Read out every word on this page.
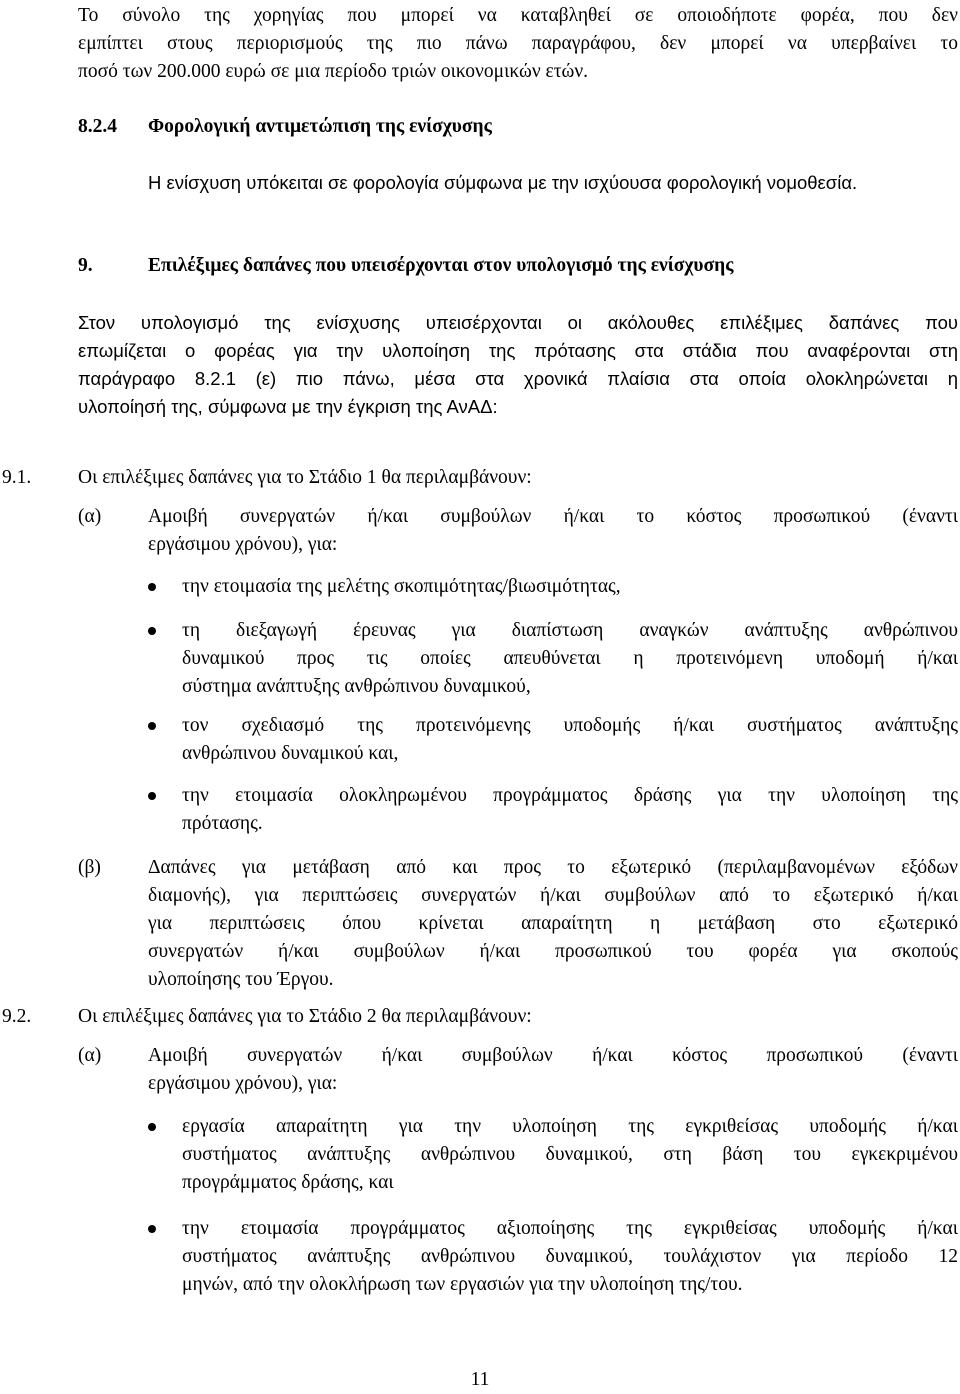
Το σύνολο της χορηγίας που μπορεί να καταβληθεί σε οποιοδήποτε φορέα, που δεν
εμπίπτει στους περιορισμούς της πιο πάνω παραγράφου, δεν μπορεί να υπερβαίνει το
ποσό των 200.000 ευρώ σε μια περίοδο τριών οικονομικών ετών.
8.2.4 Φορολογική αντιμετώπιση της ενίσχυσης
Η ενίσχυση υπόκειται σε φορολογία σύμφωνα με την ισχύουσα φορολογική νομοθεσία.
9.	Επιλέξιμες δαπάνες που υπεισέρχονται στον υπολογισμό της ενίσχυσης
Στον υπολογισμό της ενίσχυσης υπεισέρχονται οι ακόλουθες επιλέξιμες δαπάνες που
επωμίζεται ο φορέας για την υλοποίηση της πρότασης στα στάδια που αναφέρονται στη
παράγραφο 8.2.1 (ε) πιο πάνω, μέσα στα χρονικά πλαίσια στα οποία ολοκληρώνεται η
υλοποίησή της, σύμφωνα με την έγκριση της ΑνΑΔ:
9.1. Οι επιλέξιμες δαπάνες για το Στάδιο 1 θα περιλαμβάνουν:
(α) Αμοιβή συνεργατών ή/και συμβούλων ή/και το κόστος προσωπικού (έναντι
εργάσιμου χρόνου), για:
την ετοιμασία της μελέτης σκοπιμότητας/βιωσιμότητας,
τη διεξαγωγή έρευνας για διαπίστωση αναγκών ανάπτυξης ανθρώπινου
δυναμικού προς τις οποίες απευθύνεται η προτεινόμενη υποδομή ή/και
σύστημα ανάπτυξης ανθρώπινου δυναμικού,
τον σχεδιασμό της προτεινόμενης υποδομής ή/και συστήματος ανάπτυξης
ανθρώπινου δυναμικού και,
την ετοιμασία ολοκληρωμένου προγράμματος δράσης για την υλοποίηση της
πρότασης.
(β) Δαπάνες για μετάβαση από και προς το εξωτερικό (περιλαμβανομένων εξόδων
διαμονής), για περιπτώσεις συνεργατών ή/και συμβούλων από το εξωτερικό ή/και
για περιπτώσεις όπου κρίνεται απαραίτητη η μετάβαση στο εξωτερικό
συνεργατών ή/και συμβούλων ή/και προσωπικού του φορέα για σκοπούς
υλοποίησης του Έργου.
9.2. Οι επιλέξιμες δαπάνες για το Στάδιο 2 θα περιλαμβάνουν:
(α) Αμοιβή συνεργατών ή/και συμβούλων ή/και κόστος προσωπικού (έναντι
εργάσιμου χρόνου), για:
εργασία απαραίτητη για την υλοποίηση της εγκριθείσας υποδομής ή/και
συστήματος ανάπτυξης ανθρώπινου δυναμικού, στη βάση του εγκεκριμένου
προγράμματος δράσης, και
την ετοιμασία προγράμματος αξιοποίησης της εγκριθείσας υποδομής ή/και
συστήματος ανάπτυξης ανθρώπινου δυναμικού, τουλάχιστον για περίοδο 12
μηνών, από την ολοκλήρωση των εργασιών για την υλοποίηση της/του.
11
